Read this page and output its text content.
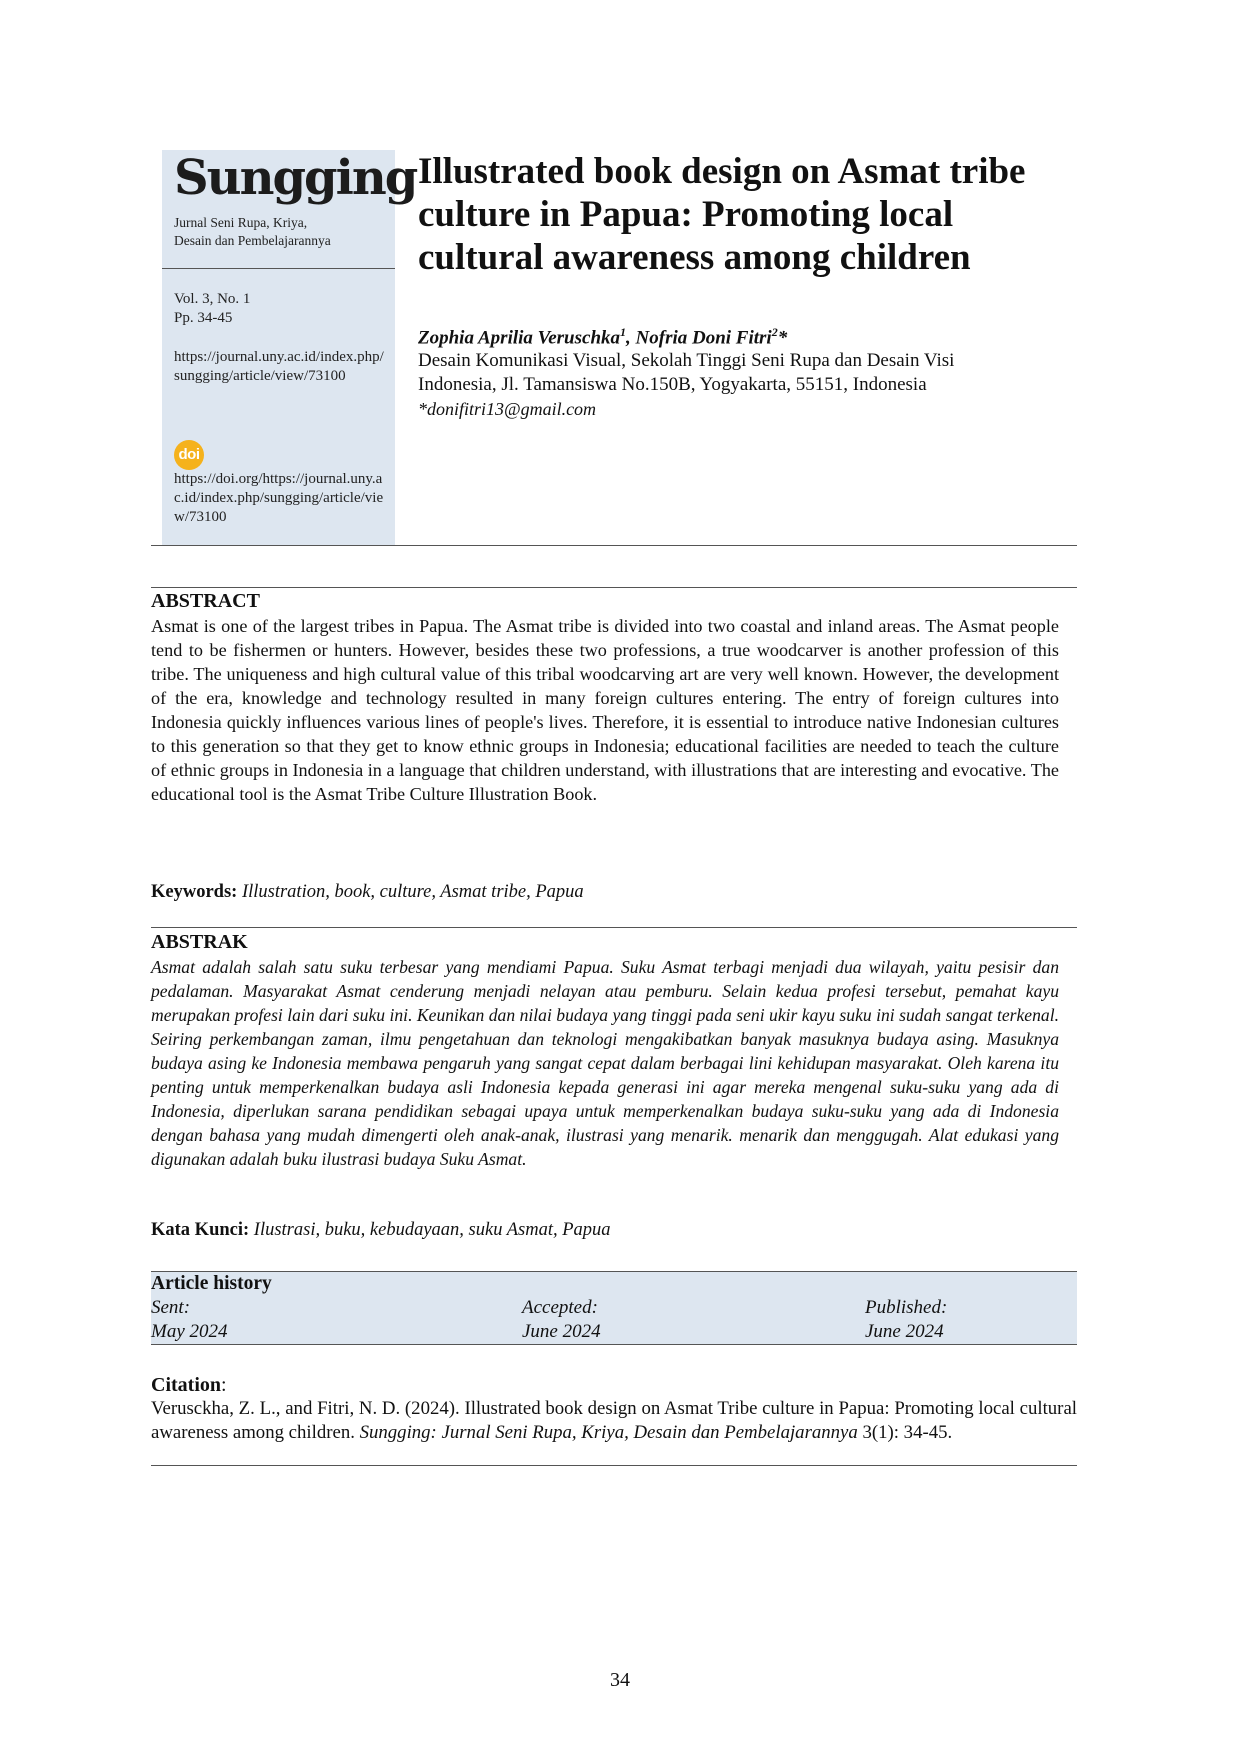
Sungging
Jurnal Seni Rupa, Kriya,
Desain dan Pembelajarannya
Vol. 3, No. 1
Pp. 34-45
https://journal.uny.ac.id/index.php/sungging/article/view/73100
doi
https://doi.org/https://journal.uny.ac.id/index.php/sungging/article/view/73100
Illustrated book design on Asmat tribe culture in Papua: Promoting local cultural awareness among children
Zophia Aprilia Veruschka$^1$, Nofria Doni Fitri$^2$*
Desain Komunikasi Visual, Sekolah Tinggi Seni Rupa dan Desain Visi
Indonesia, Jl. Tamansiswa No.150B, Yogyakarta, 55151, Indonesia
*donifitri13@gmail.com
ABSTRACT
Asmat is one of the largest tribes in Papua. The Asmat tribe is divided into two coastal and inland areas. The Asmat people tend to be fishermen or hunters. However, besides these two professions, a true woodcarver is another profession of this tribe. The uniqueness and high cultural value of this tribal woodcarving art are very well known. However, the development of the era, knowledge and technology resulted in many foreign cultures entering. The entry of foreign cultures into Indonesia quickly influences various lines of people's lives. Therefore, it is essential to introduce native Indonesian cultures to this generation so that they get to know ethnic groups in Indonesia; educational facilities are needed to teach the culture of ethnic groups in Indonesia in a language that children understand, with illustrations that are interesting and evocative. The educational tool is the Asmat Tribe Culture Illustration Book.
Keywords: Illustration, book, culture, Asmat tribe, Papua
ABSTRAK
Asmat adalah salah satu suku terbesar yang mendiami Papua. Suku Asmat terbagi menjadi dua wilayah, yaitu pesisir dan pedalaman. Masyarakat Asmat cenderung menjadi nelayan atau pemburu. Selain kedua profesi tersebut, pemahat kayu merupakan profesi lain dari suku ini. Keunikan dan nilai budaya yang tinggi pada seni ukir kayu suku ini sudah sangat terkenal. Seiring perkembangan zaman, ilmu pengetahuan dan teknologi mengakibatkan banyak masuknya budaya asing. Masuknya budaya asing ke Indonesia membawa pengaruh yang sangat cepat dalam berbagai lini kehidupan masyarakat. Oleh karena itu penting untuk memperkenalkan budaya asli Indonesia kepada generasi ini agar mereka mengenal suku-suku yang ada di Indonesia, diperlukan sarana pendidikan sebagai upaya untuk memperkenalkan budaya suku-suku yang ada di Indonesia dengan bahasa yang mudah dimengerti oleh anak-anak, ilustrasi yang menarik. menarik dan menggugah. Alat edukasi yang digunakan adalah buku ilustrasi budaya Suku Asmat.
Kata Kunci: Ilustrasi, buku, kebudayaan, suku Asmat, Papua
Article history
Sent:
May 2024
Accepted:
June 2024
Published:
June 2024
Citation:
Verusckha, Z. L., and Fitri, N. D. (2024). Illustrated book design on Asmat Tribe culture in Papua: Promoting local cultural awareness among children. Sungging: Jurnal Seni Rupa, Kriya, Desain dan Pembelajarannya 3(1): 34-45.
34
